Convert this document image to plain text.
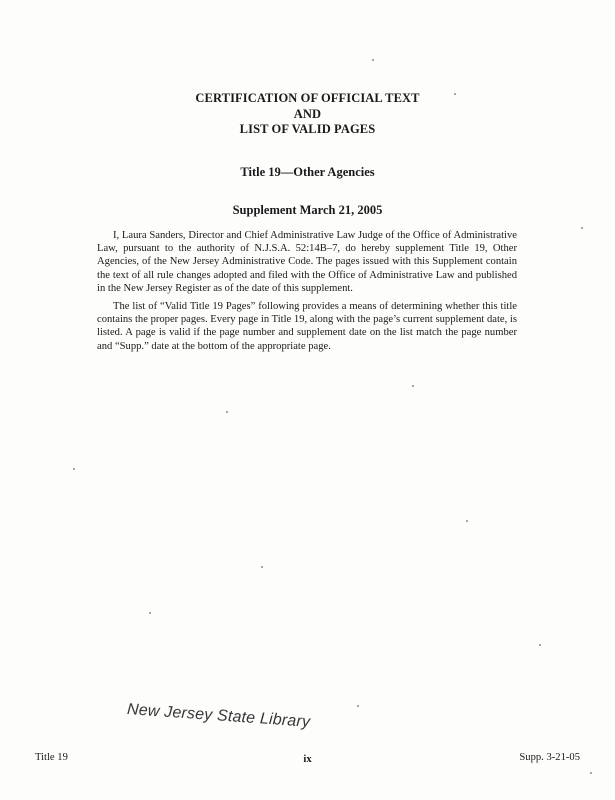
CERTIFICATION OF OFFICIAL TEXT
AND
LIST OF VALID PAGES
Title 19—Other Agencies
Supplement March 21, 2005

I, Laura Sanders, Director and Chief Administrative Law Judge of the Office of Administrative Law, pursuant to the authority of N.J.S.A. 52:14B–7, do hereby supplement Title 19, Other Agencies, of the New Jersey Administrative Code. The pages issued with this Supplement contain the text of all rule changes adopted and filed with the Office of Administrative Law and published in the New Jersey Register as of the date of this supplement.

The list of “Valid Title 19 Pages” following provides a means of determining whether this title contains the proper pages. Every page in Title 19, along with the page’s current supplement date, is listed. A page is valid if the page number and supplement date on the list match the page number and “Supp.” date at the bottom of the appropriate page.

New Jersey State Library
Title 19	ix	Supp. 3-21-05
